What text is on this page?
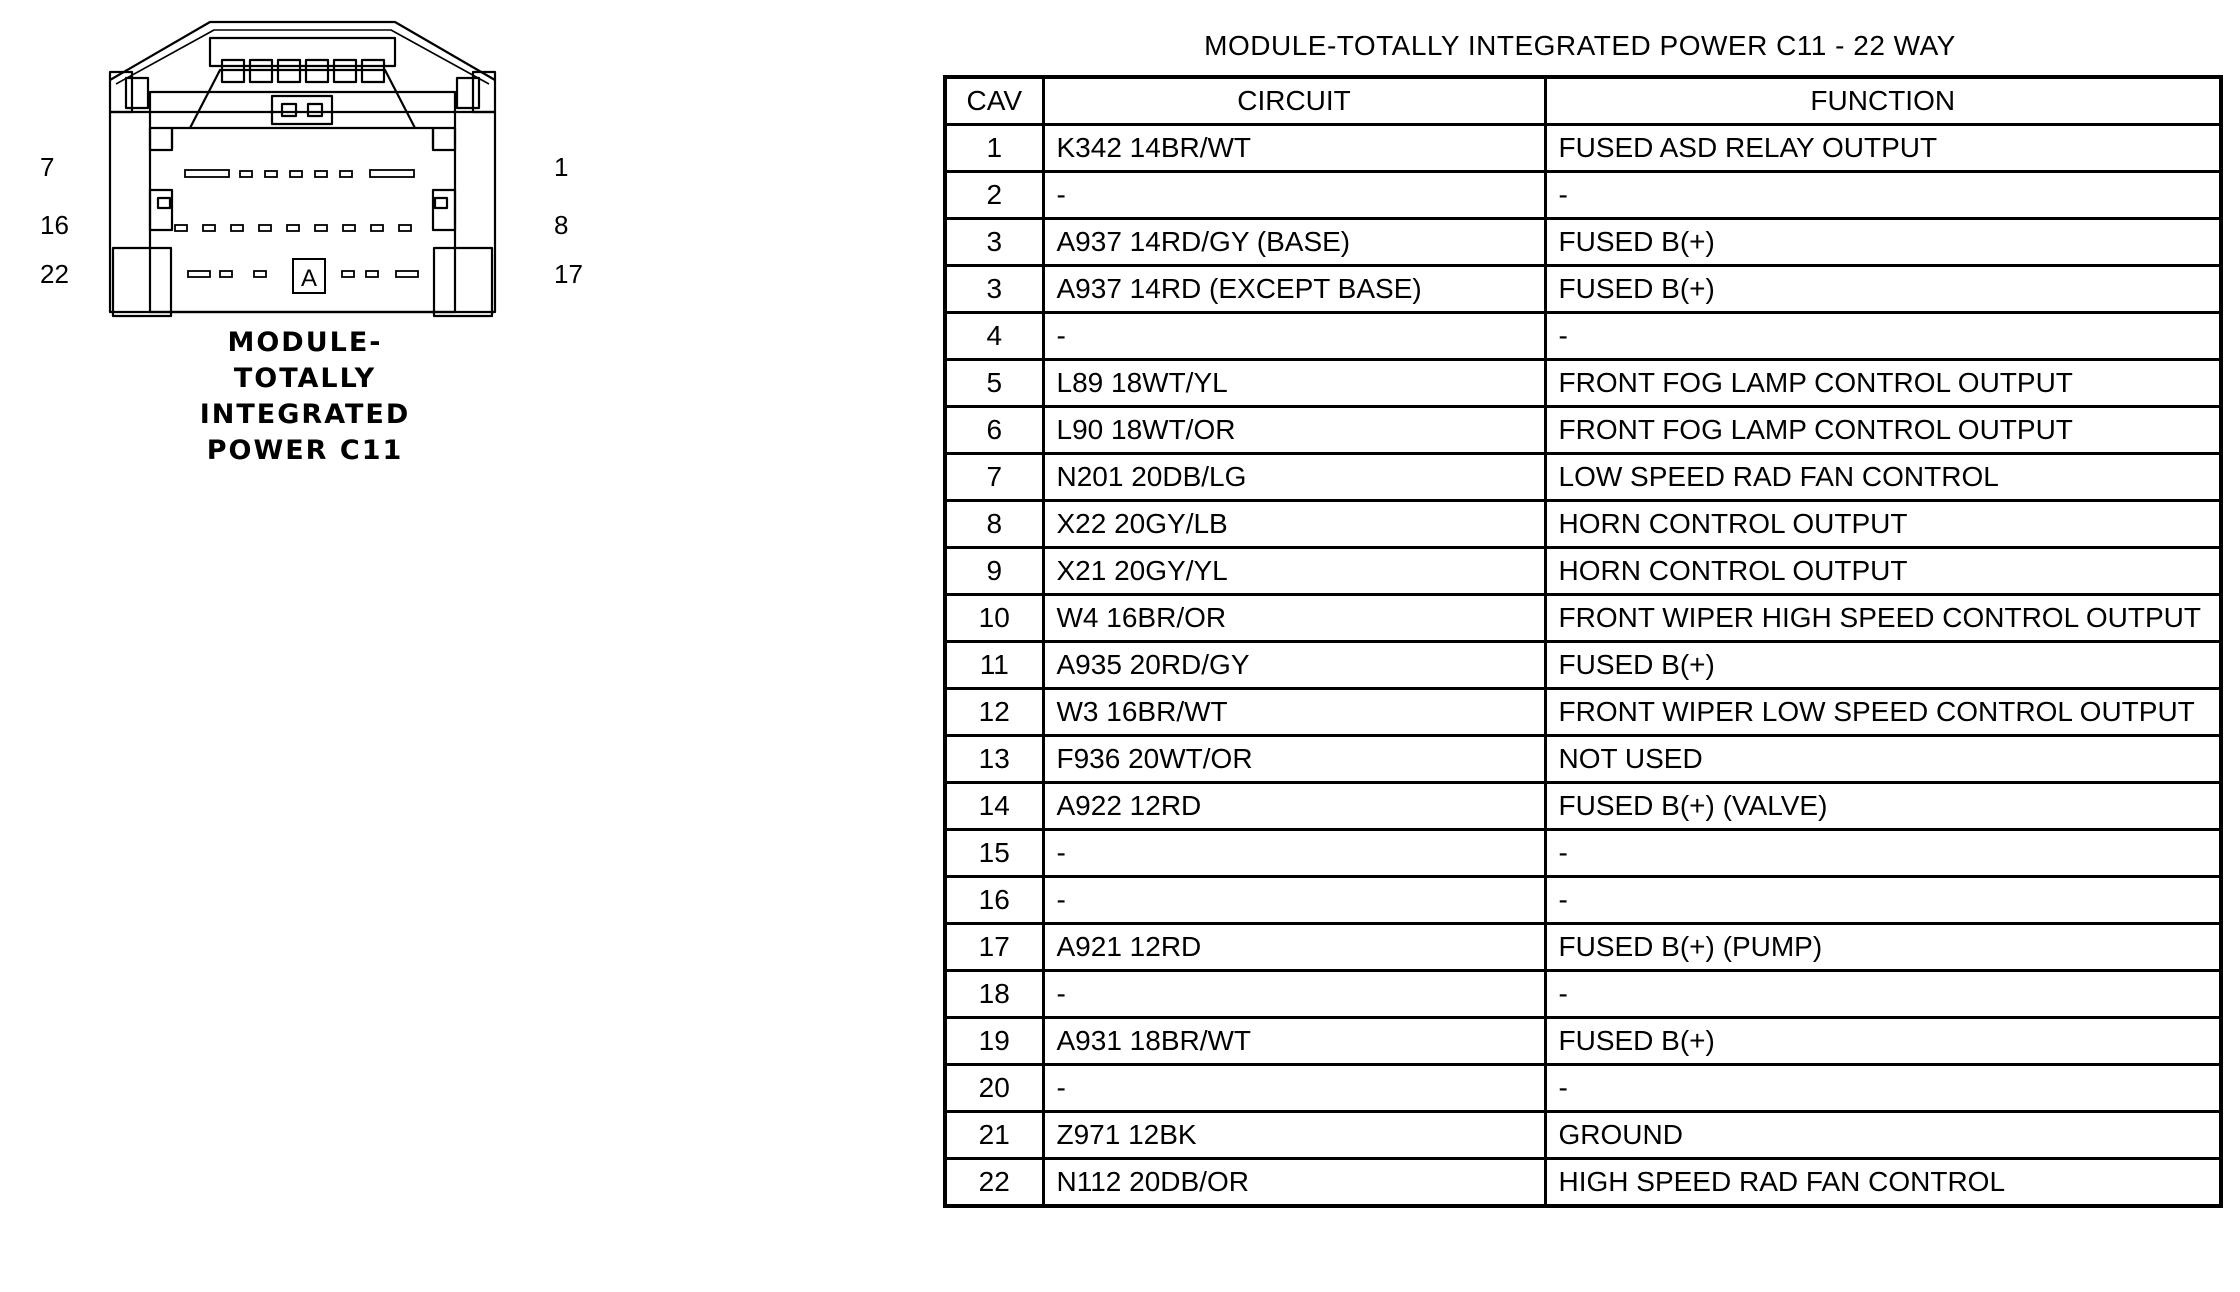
A
7
16
22
1
8
17
MODULE-
TOTALLY
INTEGRATED
POWER C11
MODULE-TOTALLY INTEGRATED POWER C11 - 22 WAY
CAV	CIRCUIT	FUNCTION
1	K342 14BR/WT	FUSED ASD RELAY OUTPUT
2	-	-
3	A937 14RD/GY (BASE)	FUSED B(+)
3	A937 14RD (EXCEPT BASE)	FUSED B(+)
4	-	-
5	L89 18WT/YL	FRONT FOG LAMP CONTROL OUTPUT
6	L90 18WT/OR	FRONT FOG LAMP CONTROL OUTPUT
7	N201 20DB/LG	LOW SPEED RAD FAN CONTROL
8	X22 20GY/LB	HORN CONTROL OUTPUT
9	X21 20GY/YL	HORN CONTROL OUTPUT
10	W4 16BR/OR	FRONT WIPER HIGH SPEED CONTROL OUTPUT
11	A935 20RD/GY	FUSED B(+)
12	W3 16BR/WT	FRONT WIPER LOW SPEED CONTROL OUTPUT
13	F936 20WT/OR	NOT USED
14	A922 12RD	FUSED B(+) (VALVE)
15	-	-
16	-	-
17	A921 12RD	FUSED B(+) (PUMP)
18	-	-
19	A931 18BR/WT	FUSED B(+)
20	-	-
21	Z971 12BK	GROUND
22	N112 20DB/OR	HIGH SPEED RAD FAN CONTROL
